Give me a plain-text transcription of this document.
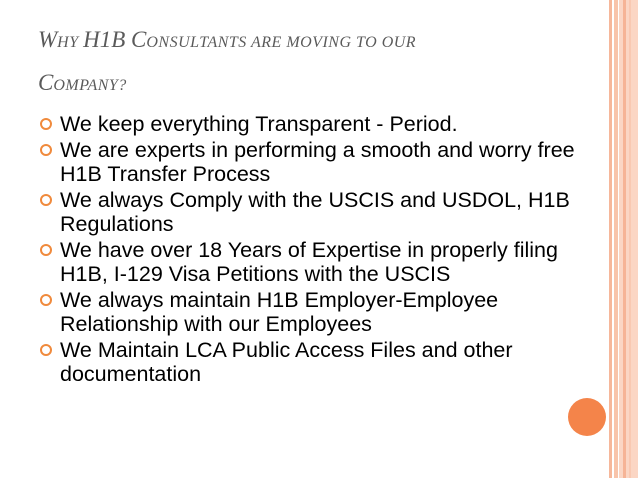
WHY H1B CONSULTANTS ARE MOVING TO OUR
COMPANY?
We keep everything Transparent - Period.
We are experts in performing a smooth and worry free H1B Transfer Process
We always Comply with the USCIS and USDOL, H1B Regulations
We have over 18 Years of Expertise in properly filing H1B, I-129 Visa Petitions with the USCIS
We always maintain H1B Employer-Employee Relationship with our Employees
We Maintain LCA Public Access Files and other documentation
